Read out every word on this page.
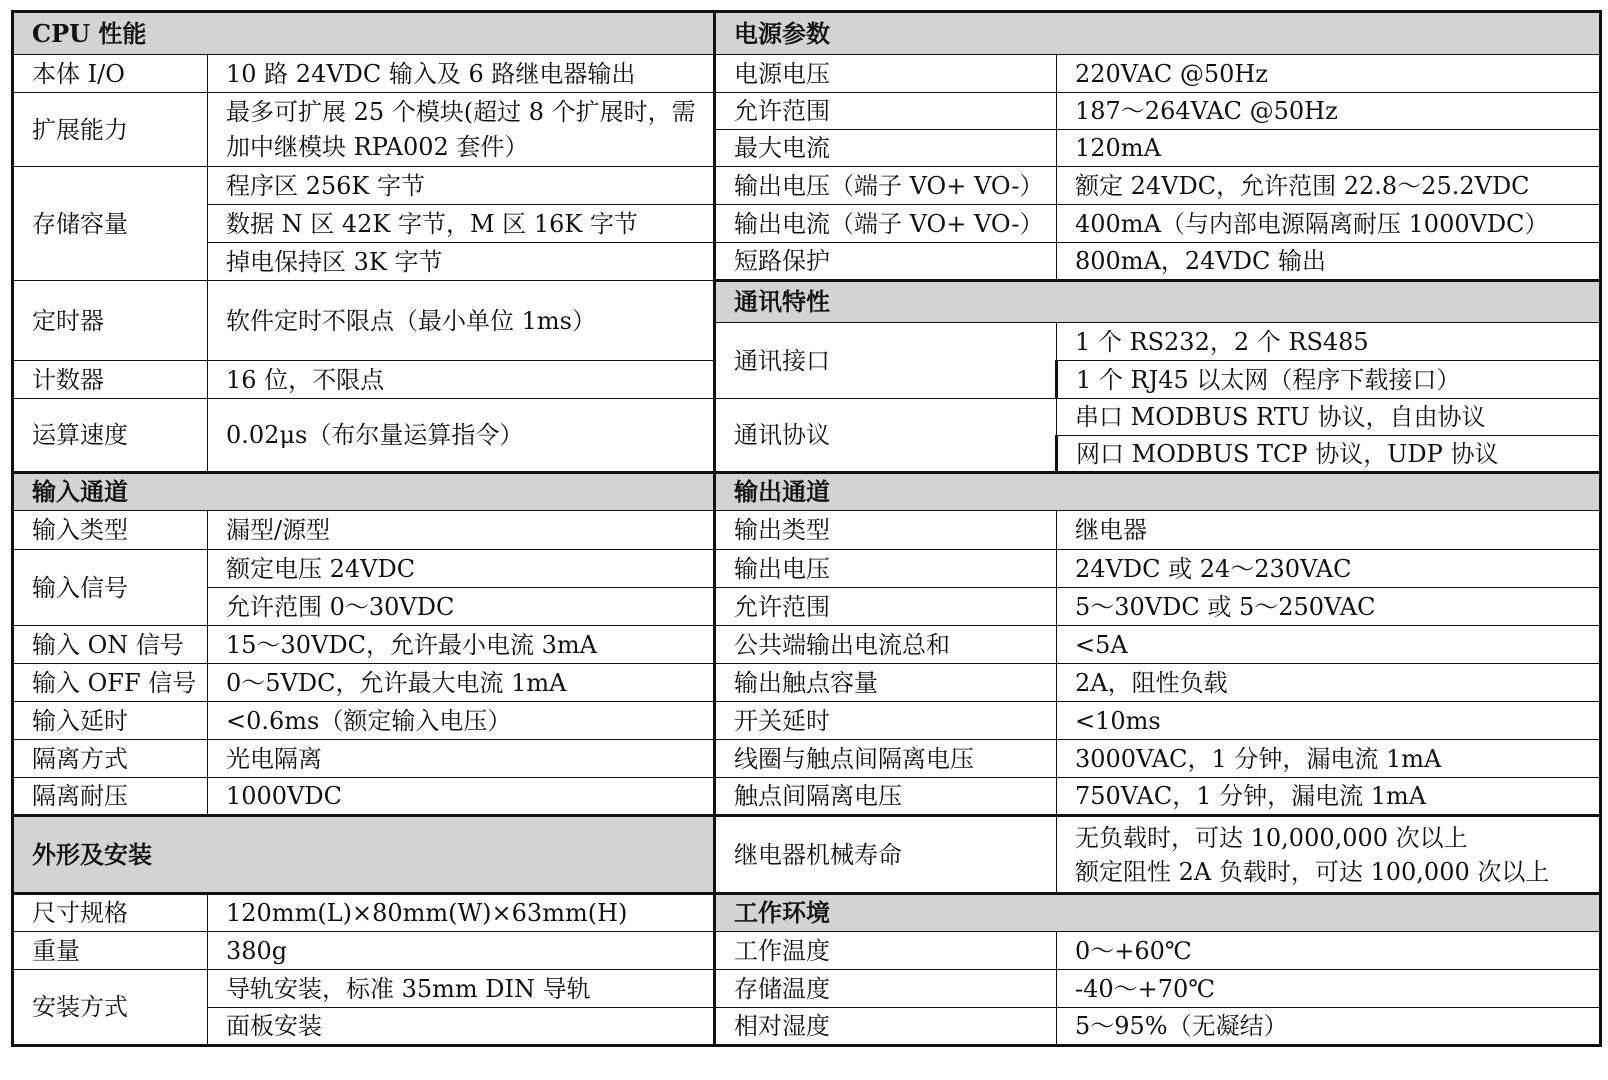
CPU 性能	
本体 I/O	10 路 24VDC 输入及 6 路继电器输出
扩展能力	最多可扩展 25 个模块(超过 8 个扩展时，需加中继模块 RPA002 套件）
存储容量	程序区 256K 字节
	数据 N 区 42K 字节，M 区 16K 字节
	掉电保持区 3K 字节
定时器	软件定时不限点（最小单位 1ms）
计数器	16 位，不限点
运算速度	0.02μs（布尔量运算指令）
输入通道	
输入类型	漏型/源型
输入信号	额定电压 24VDC
	允许范围 0～30VDC
输入 ON 信号	15～30VDC，允许最小电流 3mA
输入 OFF 信号	0～5VDC，允许最大电流 1mA
输入延时	<0.6ms（额定输入电压）
隔离方式	光电隔离
隔离耐压	1000VDC
外形及安装	
尺寸规格	120mm(L)×80mm(W)×63mm(H)
重量	380g
安装方式	导轨安装，标准 35mm DIN 导轨
	面板安装
电源参数	
电源电压	220VAC @50Hz
允许范围	187～264VAC @50Hz
最大电流	120mA
输出电压（端子 VO+ VO-）	额定 24VDC，允许范围 22.8～25.2VDC
输出电流（端子 VO+ VO-）	400mA（与内部电源隔离耐压 1000VDC）
短路保护	800mA，24VDC 输出
通讯特性	
通讯接口	1 个 RS232，2 个 RS485
	1 个 RJ45 以太网（程序下载接口）
通讯协议	串口 MODBUS RTU 协议，自由协议
	网口 MODBUS TCP 协议，UDP 协议
输出通道	
输出类型	继电器
输出电压	24VDC 或 24～230VAC
允许范围	5～30VDC 或 5～250VAC
公共端输出电流总和	<5A
输出触点容量	2A，阻性负载
开关延时	<10ms
线圈与触点间隔离电压	3000VAC，1 分钟，漏电流 1mA
触点间隔离电压	750VAC，1 分钟，漏电流 1mA
继电器机械寿命	无负载时，可达 10,000,000 次以上
额定阻性 2A 负载时，可达 100,000 次以上

工作环境	
工作温度	0～+60℃
存储温度	-40～+70℃
相对湿度	5～95%（无凝结）
